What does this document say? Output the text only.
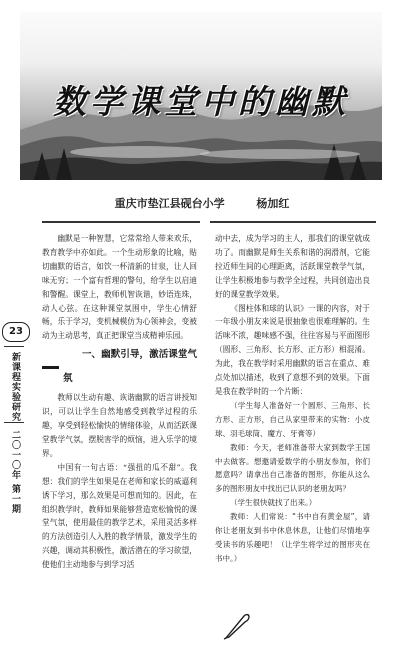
数学课堂中的幽默
重庆市垫江县砚台小学	杨加红
23
新课程实验研究
二〇一〇年 第一期

幽默是一种智慧，它常常给人带来欢乐，教育教学中亦如此。一个生动形象的比喻，贴切幽默的语言，如饮一杯清新的甘泉，让人回味无穷；一个富有哲理的警句，给学生以启迪和警醒。课堂上，教师机智诙谐，妙语连珠，动人心弦。在这种课堂氛围中，学生心情舒畅，乐于学习，变机械模仿为心领神会，变被动为主动思考，真正把课堂当成精神乐园。

一、幽默引导，激活课堂气氛

教师以生动有趣、诙谐幽默的语言讲授知识，可以让学生自然地感受到教学过程的乐趣，享受到轻松愉快的情绪体验，从而活跃课堂教学气氛，摆脱害学的烦恼，进入乐学的境界。

中国有一句古语：“强扭的瓜不甜”。我想：我们的学生如果是在老师和家长的威逼利诱下学习，那么效果是可想而知的。因此，在组织教学时，教师如果能够营造宽松愉悦的课堂气氛，使用最佳的教学艺术，采用灵活多样的方法创造引人入胜的教学情景，激发学生的兴趣，调动其积极性，激活潜在的学习欲望，使他们主动地参与到学习活

动中去，成为学习的主人，那我们的课堂就成功了。而幽默是师生关系和谐的润滑剂，它能拉近师生间的心理距离，活跃课堂教学气氛，让学生积极地参与教学全过程，共同创造出良好的课堂教学效果。

《图柱体和球的认识》一课的内容，对于一年级小朋友来说是很抽象也很难理解的。生活味不浓，趣味感不强，往往容易与平面图形（圆形、三角形、长方形、正方形）相混淆。为此，我在教学时采用幽默的语言在重点、难点处加以描述，收到了意想不到的效果。下面是我在教学时的一个片断：

（学生每人准备好一个圆形、三角形、长方形、正方形，自己从家里带来的实物：小皮球、羽毛球筒、魔方、牙膏等）

教师：今天，老师准备带大家到数学王国中去做客。想邀请爱数学的小朋友参加，你们愿意吗？请拿出自己准备的图形，你能从这么多的图形朋友中找出已认识的老朋友吗？

（学生很快就找了出来。）

教师：人们常说：“书中自有黄金屋”，请你让老朋友到书中休息休息，让他们尽情地享受读书的乐趣吧！（让学生将学过的图形夹在书中。）
